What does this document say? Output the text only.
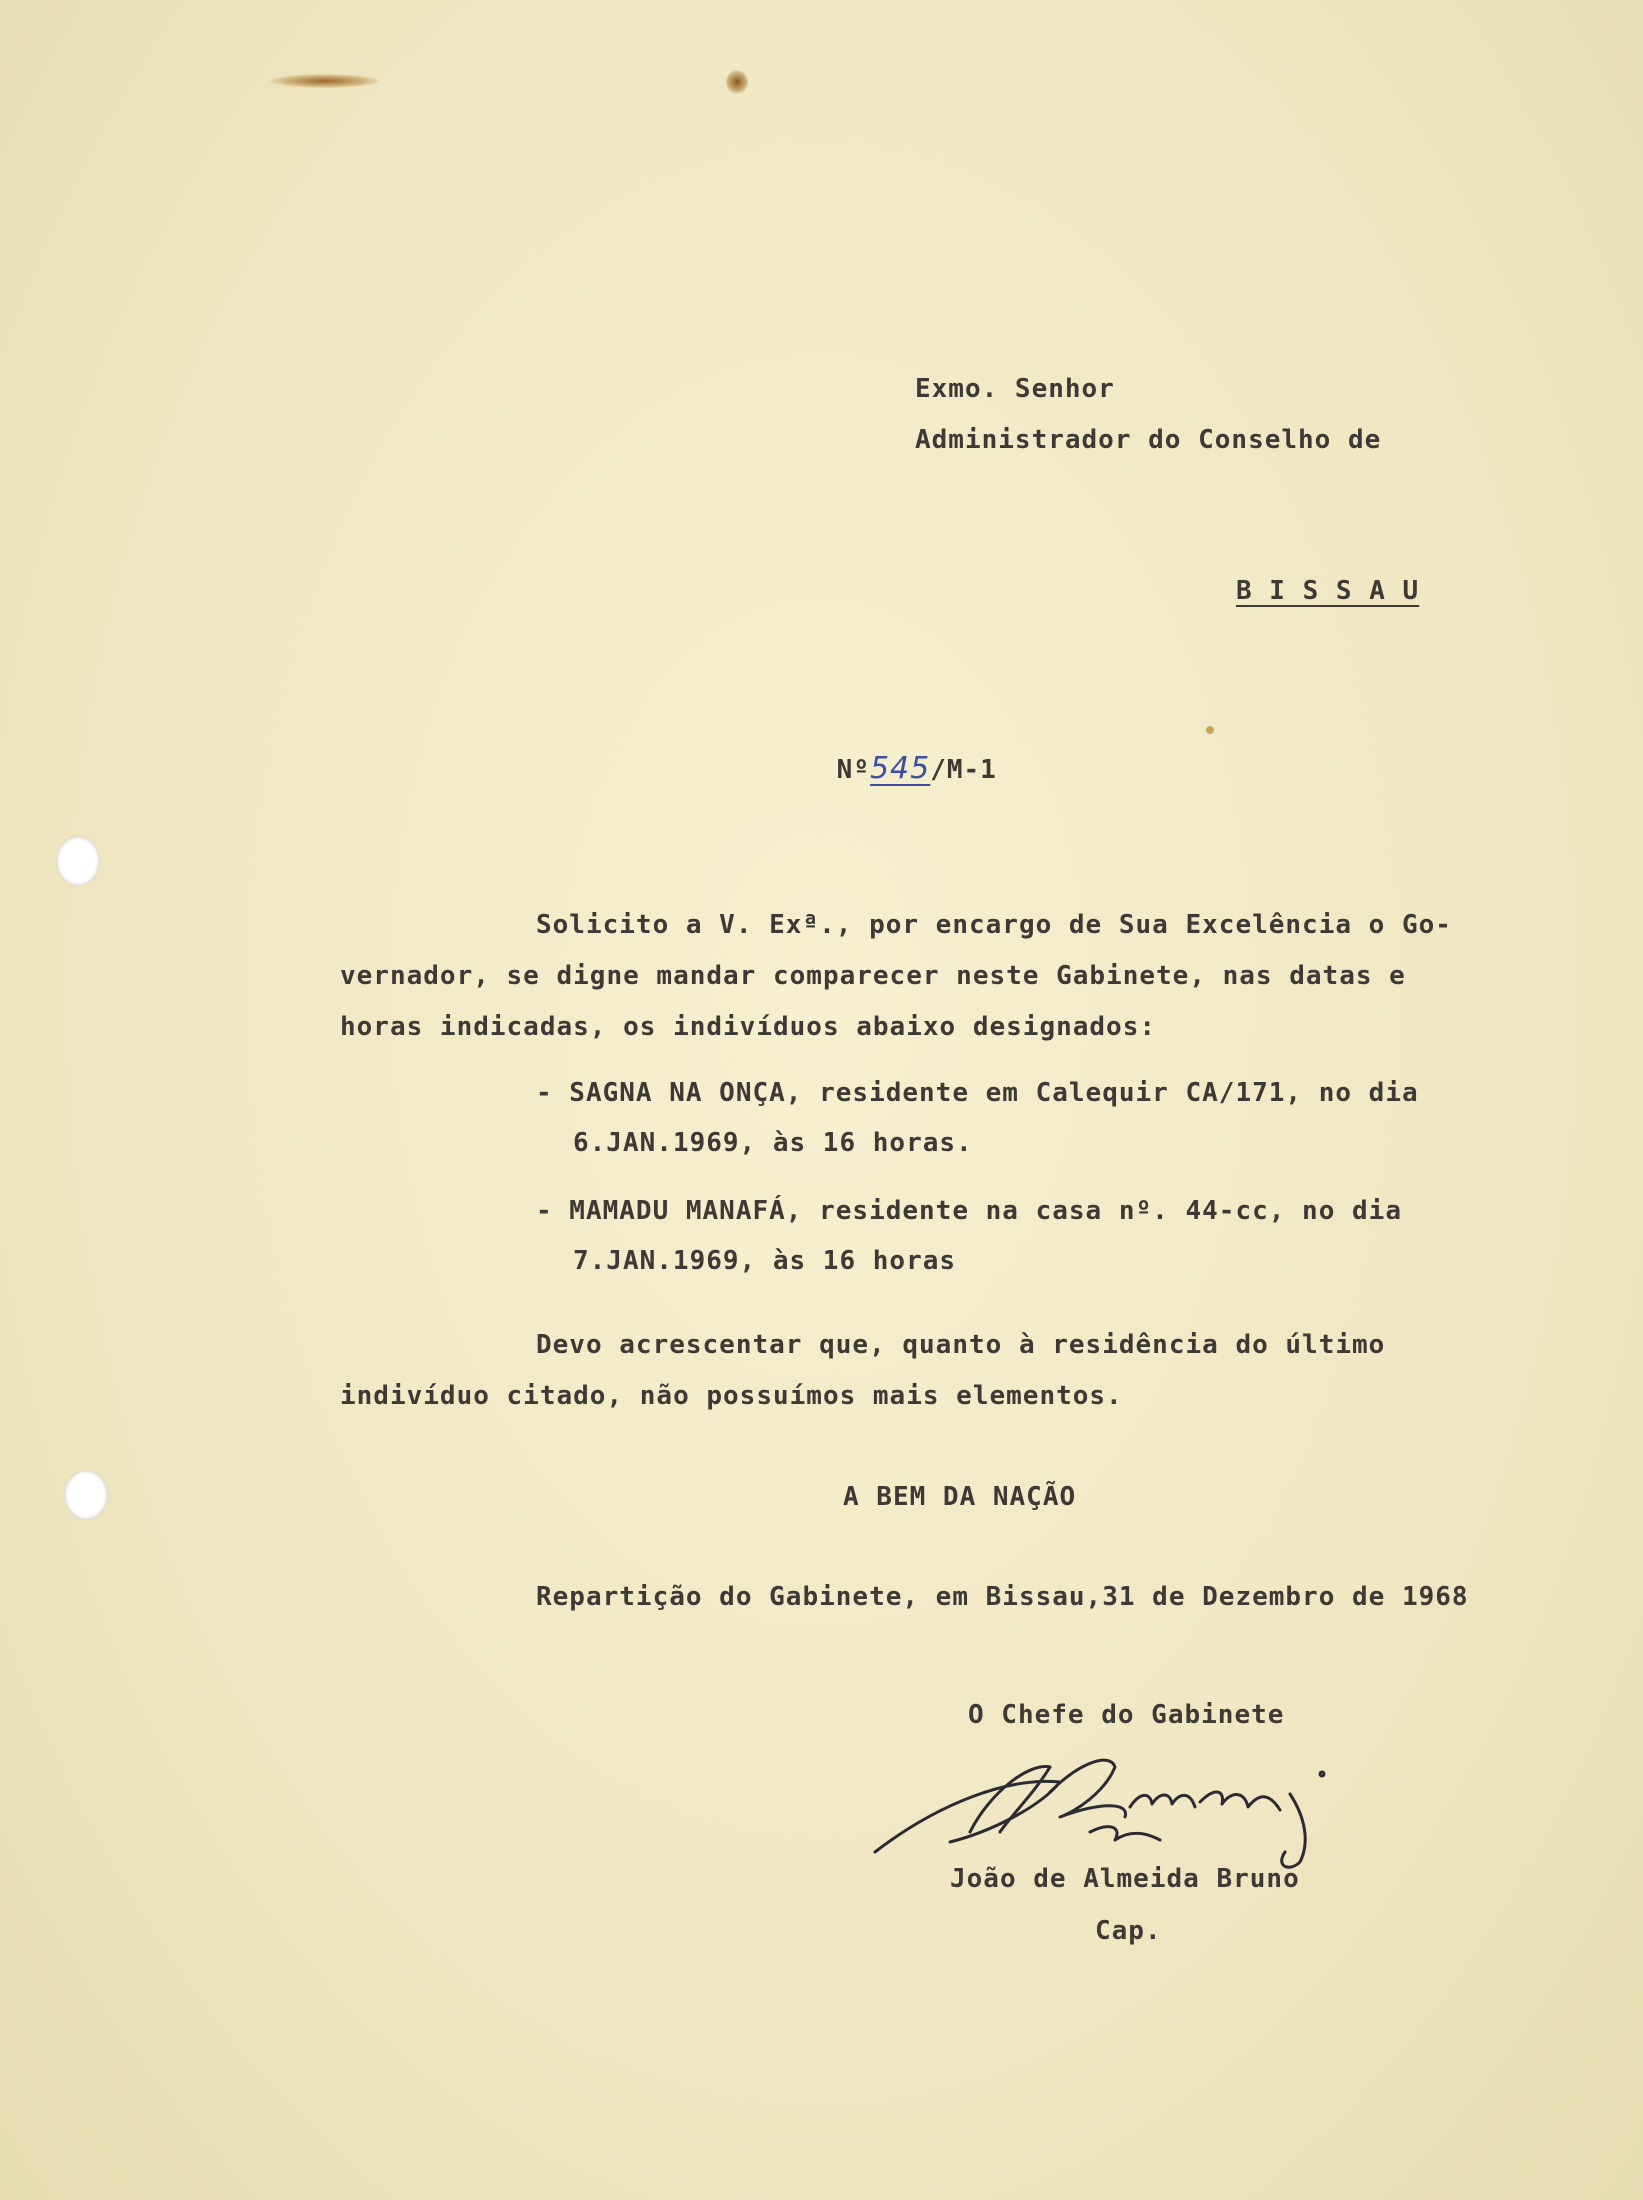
Exmo. Senhor

Administrador do Conselho de

B I S S A U

Nº545/M-1

Solicito a V. Exª., por encargo de Sua Excelência o Go-

vernador, se digne mandar comparecer neste Gabinete, nas datas e

horas indicadas, os indivíduos abaixo designados:

- SAGNA NA ONÇA, residente em Calequir CA/171, no dia

6.JAN.1969, às 16 horas.

- MAMADU MANAFÁ, residente na casa nº. 44-cc, no dia

7.JAN.1969, às 16 horas

Devo acrescentar que, quanto à residência do último

indivíduo citado, não possuímos mais elementos.

A BEM DA NAÇÃO

Repartição do Gabinete, em Bissau,31 de Dezembro de 1968

O Chefe do Gabinete

João de Almeida Bruno

Cap.
